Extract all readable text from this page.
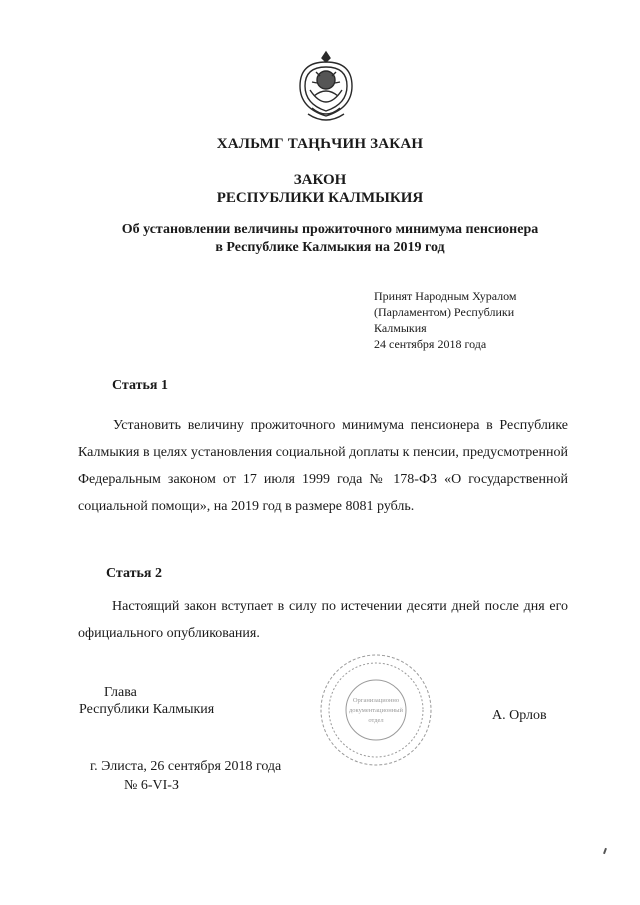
ХАЛЬМГ ТАҢҺЧИН ЗАКАН
ЗАКОН
РЕСПУБЛИКИ КАЛМЫКИЯ
Об установлении величины прожиточного минимума пенсионера
в Республике Калмыкия на 2019 год
Принят Народным Хуралом
(Парламентом) Республики
Калмыкия
24 сентября 2018 года
Статья 1
Установить величину прожиточного минимума пенсионера в Республике Калмыкия в целях установления социальной доплаты к пенсии, предусмотренной Федеральным законом от 17 июля 1999 года № 178-ФЗ «О государственной социальной помощи», на 2019 год в размере 8081 рубль.
Статья 2
Настоящий закон вступает в силу по истечении десяти дней после дня его официального опубликования.
Организационно
документационный
отдел
Глава
Республики Калмыкия	А. Орлов
г. Элиста, 26 сентября 2018 года
№ 6-VI-З
